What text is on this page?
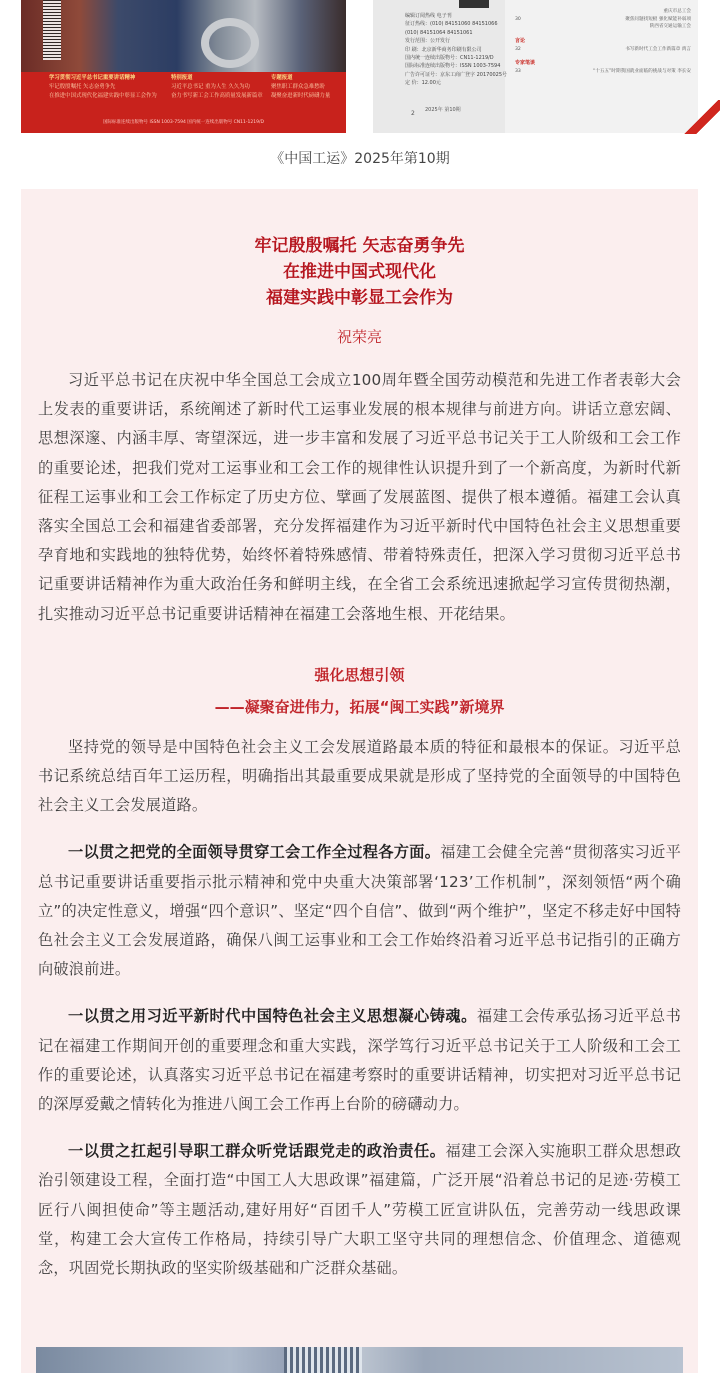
学习贯彻习近平总书记重要讲话精神
牢记殷殷嘱托 矢志奋勇争先
在推进中国式现代化福建实践中彰显工会作为
特别报道
习近平总书记 重为人生 久久为功
奋力书写新工会工作高质量发展新篇章
专题报道
聚焦职工群众急难愁盼
凝聚奋进新时代磅礴力量
国际标准连续出版物号 ISSN 1003-7594 国内统一连续出版物号 CN11-1219/D
编辑订阅热线 电子刊
征订热线：(010) 84151060 84151066
(010) 84151064 84151061
发行范围：公开发行
印 刷：北京新华商务印刷有限公司
国内统一连续出版物号：CN11-1219/D
国际标准连续出版物号：ISSN 1003-7594
广告许可证号：京东工商广登字 20170025号
定 价：12.00元
2 2025年 第10期
重庆市总工会
30	聚焦问题找短板 强化赋能补弱项
陕西省交通运输工会
言论
32	书写新时代工会工作新篇章 禹言
专家笔谈
33	“十五五”时期我国就业面临的挑战与对策 李长安
《中国工运》2025年第10期
牢记殷殷嘱托 矢志奋勇争先
在推进中国式现代化
福建实践中彰显工会作为
祝荣亮

习近平总书记在庆祝中华全国总工会成立100周年暨全国劳动模范和先进工作者表彰大会上发表的重要讲话，系统阐述了新时代工运事业发展的根本规律与前进方向。讲话立意宏阔、思想深邃、内涵丰厚、寄望深远，进一步丰富和发展了习近平总书记关于工人阶级和工会工作的重要论述，把我们党对工运事业和工会工作的规律性认识提升到了一个新高度，为新时代新征程工运事业和工会工作标定了历史方位、擘画了发展蓝图、提供了根本遵循。福建工会认真落实全国总工会和福建省委部署，充分发挥福建作为习近平新时代中国特色社会主义思想重要孕育地和实践地的独特优势，始终怀着特殊感情、带着特殊责任，把深入学习贯彻习近平总书记重要讲话精神作为重大政治任务和鲜明主线，在全省工会系统迅速掀起学习宣传贯彻热潮，扎实推动习近平总书记重要讲话精神在福建工会落地生根、开花结果。

强化思想引领
——凝聚奋进伟力，拓展“闽工实践”新境界

坚持党的领导是中国特色社会主义工会发展道路最本质的特征和最根本的保证。习近平总书记系统总结百年工运历程，明确指出其最重要成果就是形成了坚持党的全面领导的中国特色社会主义工会发展道路。

一以贯之把党的全面领导贯穿工会工作全过程各方面。福建工会健全完善“贯彻落实习近平总书记重要讲话重要指示批示精神和党中央重大决策部署‘123’工作机制”，深刻领悟“两个确立”的决定性意义，增强“四个意识”、坚定“四个自信”、做到“两个维护”，坚定不移走好中国特色社会主义工会发展道路，确保八闽工运事业和工会工作始终沿着习近平总书记指引的正确方向破浪前进。

一以贯之用习近平新时代中国特色社会主义思想凝心铸魂。福建工会传承弘扬习近平总书记在福建工作期间开创的重要理念和重大实践，深学笃行习近平总书记关于工人阶级和工会工作的重要论述，认真落实习近平总书记在福建考察时的重要讲话精神，切实把对习近平总书记的深厚爱戴之情转化为推进八闽工会工作再上台阶的磅礴动力。

一以贯之扛起引导职工群众听党话跟党走的政治责任。福建工会深入实施职工群众思想政治引领建设工程，全面打造“中国工人大思政课”福建篇，广泛开展“沿着总书记的足迹·劳模工匠行八闽担使命”等主题活动,建好用好“百团千人”劳模工匠宣讲队伍，完善劳动一线思政课堂，构建工会大宣传工作格局，持续引导广大职工坚守共同的理想信念、价值理念、道德观念，巩固党长期执政的坚实阶级基础和广泛群众基础。
